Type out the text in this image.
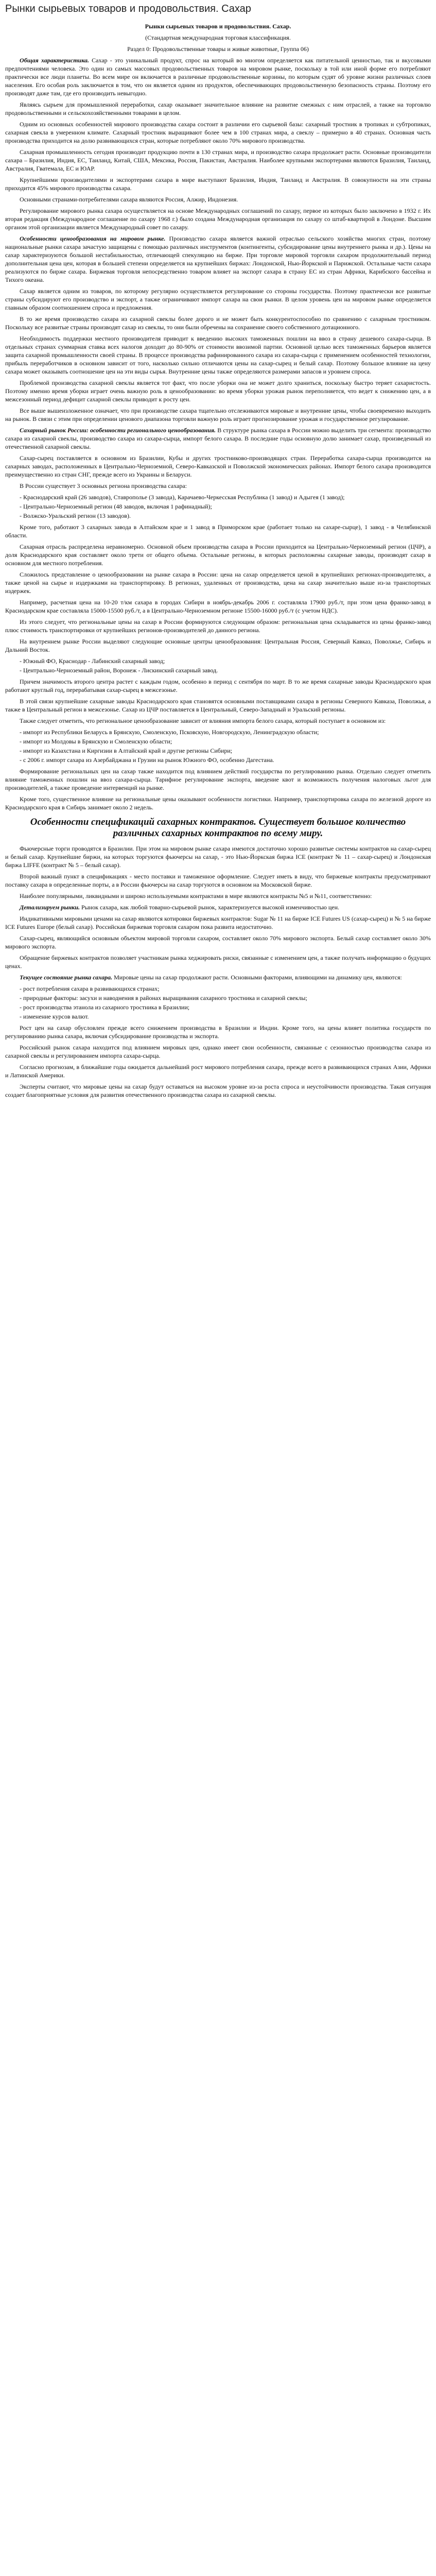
Рынки сырьевых товаров и продовольствия. Сахар

Рынки сырьевых товаров и продовольствия. Сахар.

(Стандартная международная торговая классификация.

Раздел 0: Продовольственные товары и живые животные, Группа 06)

Общая характеристика. Сахар - это уникальный продукт, спрос на который во многом определяется как питательной ценностью, так и вкусовыми предпочтениями человека. Это один из самых массовых продовольственных товаров на мировом рынке, поскольку в той или иной форме его потребляют практически все люди планеты. Во всем мире он включается в различные продовольственные корзины, по которым судят об уровне жизни различных слоев населения. Его особая роль заключается в том, что он является одним из продуктов, обеспечивающих продовольственную безопасность страны. Поэтому его производят даже там, где его производить невыгодно.

Являясь сырьем для промышленной переработки, сахар оказывает значительное влияние на развитие смежных с ним отраслей, а также на торговлю продовольственными и сельскохозяйственными товарами в целом.

Одним из основных особенностей мирового производства сахара состоит в различии его сырьевой базы: сахарный тростник в тропиках и субтропиках, сахарная свекла в умеренном климате. Сахарный тростник выращивают более чем в 100 странах мира, а свеклу – примерно в 40 странах. Основная часть производства приходится на долю развивающихся стран, которые потребляют около 70% мирового производства.

Сахарная промышленность сегодня производит продукцию почти в 130 странах мира, и производство сахара продолжает расти. Основные производители сахара – Бразилия, Индия, ЕС, Таиланд, Китай, США, Мексика, Россия, Пакистан, Австралия. Наиболее крупными экспортерами являются Бразилия, Таиланд, Австралия, Гватемала, ЕС и ЮАР.

Крупнейшими производителями и экспортерами сахара в мире выступают Бразилия, Индия, Таиланд и Австралия. В совокупности на эти страны приходится 45% мирового производства сахара.

Основными странами-потребителями сахара являются Россия, Алжир, Индонезия.

Регулирование мирового рынка сахара осуществляется на основе Международных соглашений по сахару, первое из которых было заключено в 1932 г. Их вторая редакция (Международное соглашение по сахару 1968 г.) было создана Международная организация по сахару со штаб-квартирой в Лондоне. Высшим органом этой организации является Международный совет по сахару.

Особенности ценообразования на мировом рынке. Производство сахара является важной отраслью сельского хозяйства многих стран, поэтому национальные рынки сахара зачастую защищены с помощью различных инструментов (контингенты, субсидирование цены внутреннего рынка и др.). Цены на сахар характеризуются большой нестабильностью, отличающей спекуляцию на бирже. При торговле мировой торговли сахаром продолжительный период дополнительная цена цен, которая в большей степени определяется на крупнейших биржах: Лондонской, Нью-Йоркской и Парижской. Остальные части сахара реализуются по бирже сахара. Биржевая торговля непосредственно товаром влияет на экспорт сахара в страну ЕС из стран Африки, Карибского бассейна и Тихого океана.

Сахар является одним из товаров, по которому регулярно осуществляется регулирование со стороны государства. Поэтому практически все развитые страны субсидируют его производство и экспорт, а также ограничивают импорт сахара на свои рынки. В целом уровень цен на мировом рынке определяется главным образом соотношением спроса и предложения.

В то же время производство сахара из сахарной свеклы более дорого и не может быть конкурентоспособно по сравнению с сахарным тростником. Поскольку все развитые страны производят сахар из свеклы, то они были обречены на сохранение своего собственного дотационного.

Необходимость поддержки местного производителя приводит к введению высоких таможенных пошлин на ввоз в страну дешевого сахара-сырца. В отдельных странах суммарная ставка всех налогов доходит до 80-90% от стоимости ввозимой партии. Основной целью всех таможенных барьеров является защита сахарной промышленности своей страны. В процессе производства рафинированного сахара из сахара-сырца с применением особенностей технологии, прибыль переработчиков в основном зависит от того, насколько сильно отличаются цены на сахар-сырец и белый сахар. Поэтому большое влияние на цену сахара может оказывать соотношение цен на эти виды сырья. Внутренние цены также определяются размерами запасов и уровнем спроса.

Проблемой производства сахарной свеклы является тот факт, что после уборки она не может долго храниться, поскольку быстро теряет сахаристость. Поэтому именно время уборки играет очень важную роль в ценообразовании: во время уборки урожая рынок переполняется, что ведет к снижению цен, а в межсезонный период дефицит сахарной свеклы приводит к росту цен.

Все выше вышеизложенное означает, что при производстве сахара тщательно отслеживаются мировые и внутренние цены, чтобы своевременно выходить на рынок. В связи с этим при определении ценового диапазона торговли важную роль играет прогнозирование урожая и государственное регулирование.

Сахарный рынок России: особенности регионального ценообразования. В структуре рынка сахара в России можно выделить три сегмента: производство сахара из сахарной свеклы, производство сахара из сахара-сырца, импорт белого сахара. В последние годы основную долю занимает сахар, произведенный из отечественной сахарной свеклы.

Сахар-сырец поставляется в основном из Бразилии, Кубы и других тростниково-производящих стран. Переработка сахара-сырца производится на сахарных заводах, расположенных в Центрально-Черноземной, Северо-Кавказской и Поволжской экономических районах. Импорт белого сахара производится преимущественно из стран СНГ, прежде всего из Украины и Беларуси.

В России существует 3 основных региона производства сахара:

- Краснодарский край (26 заводов), Ставрополье (3 завода), Карачаево-Черкесская Республика (1 завод) и Адыгея (1 завод);
- Центрально-Черноземный регион (48 заводов, включая 1 рафинадный);
- Волжско-Уральский регион (13 заводов).

Кроме того, работают 3 сахарных завода в Алтайском крае и 1 завод в Приморском крае (работает только на сахаре-сырце), 1 завод - в Челябинской области.

Сахарная отрасль распределена неравномерно. Основной объем производства сахара в России приходится на Центрально-Черноземный регион (ЦЧР), а доля Краснодарского края составляет около трети от общего объема. Остальные регионы, в которых расположены сахарные заводы, производят сахар в основном для местного потребления.

Сложилось представление о ценообразовании на рынке сахара в России: цена на сахар определяется ценой в крупнейших регионах-производителях, а также ценой на сырье и издержками на транспортировку. В регионах, удаленных от производства, цена на сахар значительно выше из-за транспортных издержек.

Например, расчетная цена на 10-20 т/км сахара в городах Сибири в ноябрь-декабрь 2006 г. составляла 17900 руб./т, при этом цена франко-завод в Краснодарском крае составляла 15000-15500 руб./т, а в Центрально-Черноземном регионе 15500-16000 руб./т (с учетом НДС).

Из этого следует, что региональные цены на сахар в России формируются следующим образом: региональная цена складывается из цены франко-завод плюс стоимость транспортировки от крупнейших регионов-производителей до данного региона.

На внутреннем рынке России выделяют следующие основные центры ценообразования: Центральная Россия, Северный Кавказ, Поволжье, Сибирь и Дальний Восток.

- Южный ФО, Краснодар - Лабинский сахарный завод;
- Центрально-Черноземный район, Воронеж - Лискинский сахарный завод.

Причем значимость второго центра растет с каждым годом, особенно в период с сентября по март. В то же время сахарные заводы Краснодарского края работают круглый год, перерабатывая сахар-сырец в межсезонье.

В этой связи крупнейшие сахарные заводы Краснодарского края становятся основными поставщиками сахара в регионы Северного Кавказа, Поволжья, а также в Центральный регион в межсезонье. Сахар из ЦЧР поставляется в Центральный, Северо-Западный и Уральский регионы.

Также следует отметить, что региональное ценообразование зависит от влияния импорта белого сахара, который поступает в основном из:

- импорт из Республики Беларусь в Брянскую, Смоленскую, Псковскую, Новгородскую, Ленинградскую области;
- импорт из Молдовы в Брянскую и Смоленскую области;
- импорт из Казахстана и Киргизии в Алтайский край и другие регионы Сибири;
- с 2006 г. импорт сахара из Азербайджана и Грузии на рынок Южного ФО, особенно Дагестана.

Формирование региональных цен на сахар также находится под влиянием действий государства по регулированию рынка. Отдельно следует отметить влияние таможенных пошлин на ввоз сахара-сырца. Тарифное регулирование экспорта, введение квот и возможность получения налоговых льгот для производителей, а также проведение интервенций на рынке.

Кроме того, существенное влияние на региональные цены оказывают особенности логистики. Например, транспортировка сахара по железной дороге из Краснодарского края в Сибирь занимает около 2 недель.

Особенности спецификаций сахарных контрактов. Существует большое количество различных сахарных контрактов по всему миру.

Фьючерсные торги проводятся в Бразилии. При этом на мировом рынке сахара имеются достаточно хорошо развитые системы контрактов на сахар-сырец и белый сахар. Крупнейшие биржи, на которых торгуются фьючерсы на сахар, - это Нью-Йоркская биржа ICE (контракт № 11 – сахар-сырец) и Лондонская биржа LIFFE (контракт № 5 – белый сахар).

Второй важный пункт в спецификациях - место поставки и таможенное оформление. Следует иметь в виду, что биржевые контракты предусматривают поставку сахара в определенные порты, а в России фьючерсы на сахар торгуются в основном на Московской бирже.

Наиболее популярными, ликвидными и широко используемыми контрактами в мире являются контракты №5 и №11, соответственно:

Детализируем рынки. Рынок сахара, как любой товарно-сырьевой рынок, характеризуется высокой изменчивостью цен.

Индикативными мировыми ценами на сахар являются котировки биржевых контрактов: Sugar № 11 на бирже ICE Futures US (сахар-сырец) и № 5 на бирже ICE Futures Europe (белый сахар). Российская биржевая торговля сахаром пока развита недостаточно.

Сахар-сырец, являющийся основным объектом мировой торговли сахаром, составляет около 70% мирового экспорта. Белый сахар составляет около 30% мирового экспорта.

Обращение биржевых контрактов позволяет участникам рынка хеджировать риски, связанные с изменением цен, а также получать информацию о будущих ценах.

Текущее состояние рынка сахара. Мировые цены на сахар продолжают расти. Основными факторами, влияющими на динамику цен, являются:

- рост потребления сахара в развивающихся странах;
- природные факторы: засухи и наводнения в районах выращивания сахарного тростника и сахарной свеклы;
- рост производства этанола из сахарного тростника в Бразилии;
- изменение курсов валют.

Рост цен на сахар обусловлен прежде всего снижением производства в Бразилии и Индии. Кроме того, на цены влияет политика государств по регулированию рынка сахара, включая субсидирование производства и экспорта.

Российский рынок сахара находится под влиянием мировых цен, однако имеет свои особенности, связанные с сезонностью производства сахара из сахарной свеклы и регулированием импорта сахара-сырца.

Согласно прогнозам, в ближайшие годы ожидается дальнейший рост мирового потребления сахара, прежде всего в развивающихся странах Азии, Африки и Латинской Америки.

Эксперты считают, что мировые цены на сахар будут оставаться на высоком уровне из-за роста спроса и неустойчивости производства. Такая ситуация создает благоприятные условия для развития отечественного производства сахара из сахарной свеклы.
